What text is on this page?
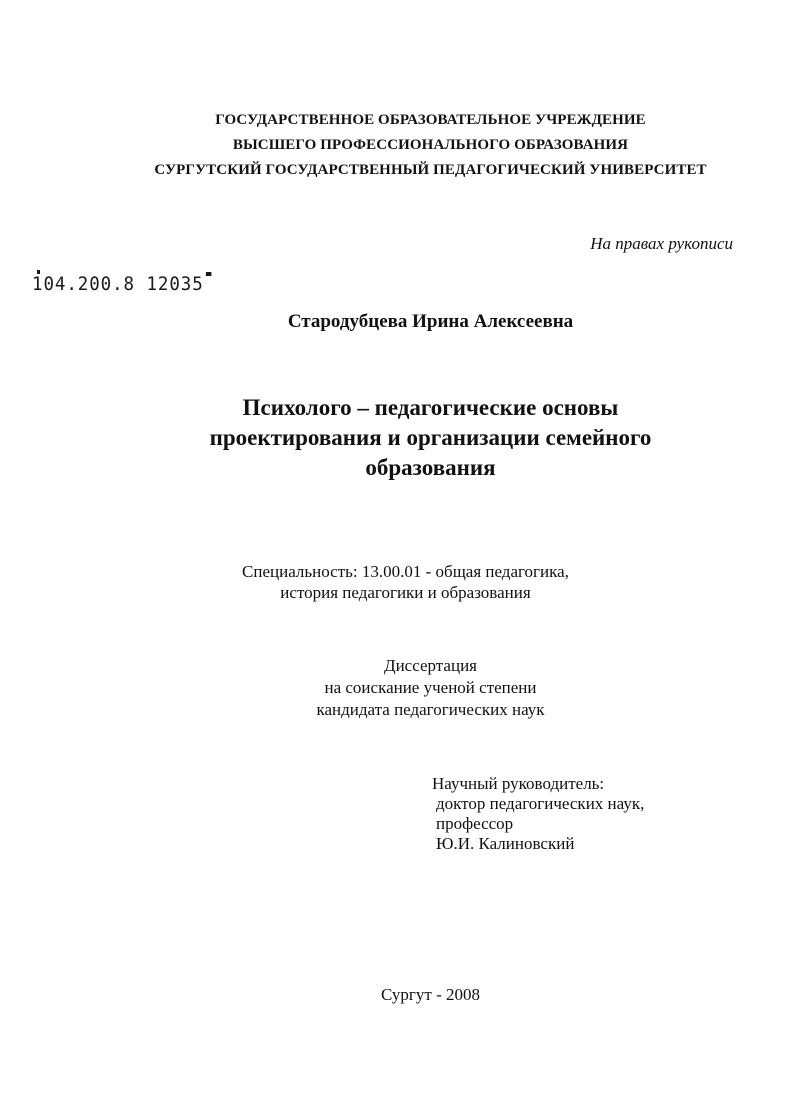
ГОСУДАРСТВЕННОЕ ОБРАЗОВАТЕЛЬНОЕ УЧРЕЖДЕНИЕ
ВЫСШЕГО ПРОФЕССИОНАЛЬНОГО ОБРАЗОВАНИЯ
СУРГУТСКИЙ ГОСУДАРСТВЕННЫЙ ПЕДАГОГИЧЕСКИЙ УНИВЕРСИТЕТ
На правах рукописи
104.200.8 12035
Стародубцева Ирина Алексеевна
Психолого – педагогические основы
проектирования и организации семейного
образования
Специальность: 13.00.01 - общая педагогика,
история педагогики и образования
Диссертация
на соискание ученой степени
кандидата педагогических наук
Научный руководитель:
доктор педагогических наук,
профессор
Ю.И. Калиновский
Сургут - 2008
